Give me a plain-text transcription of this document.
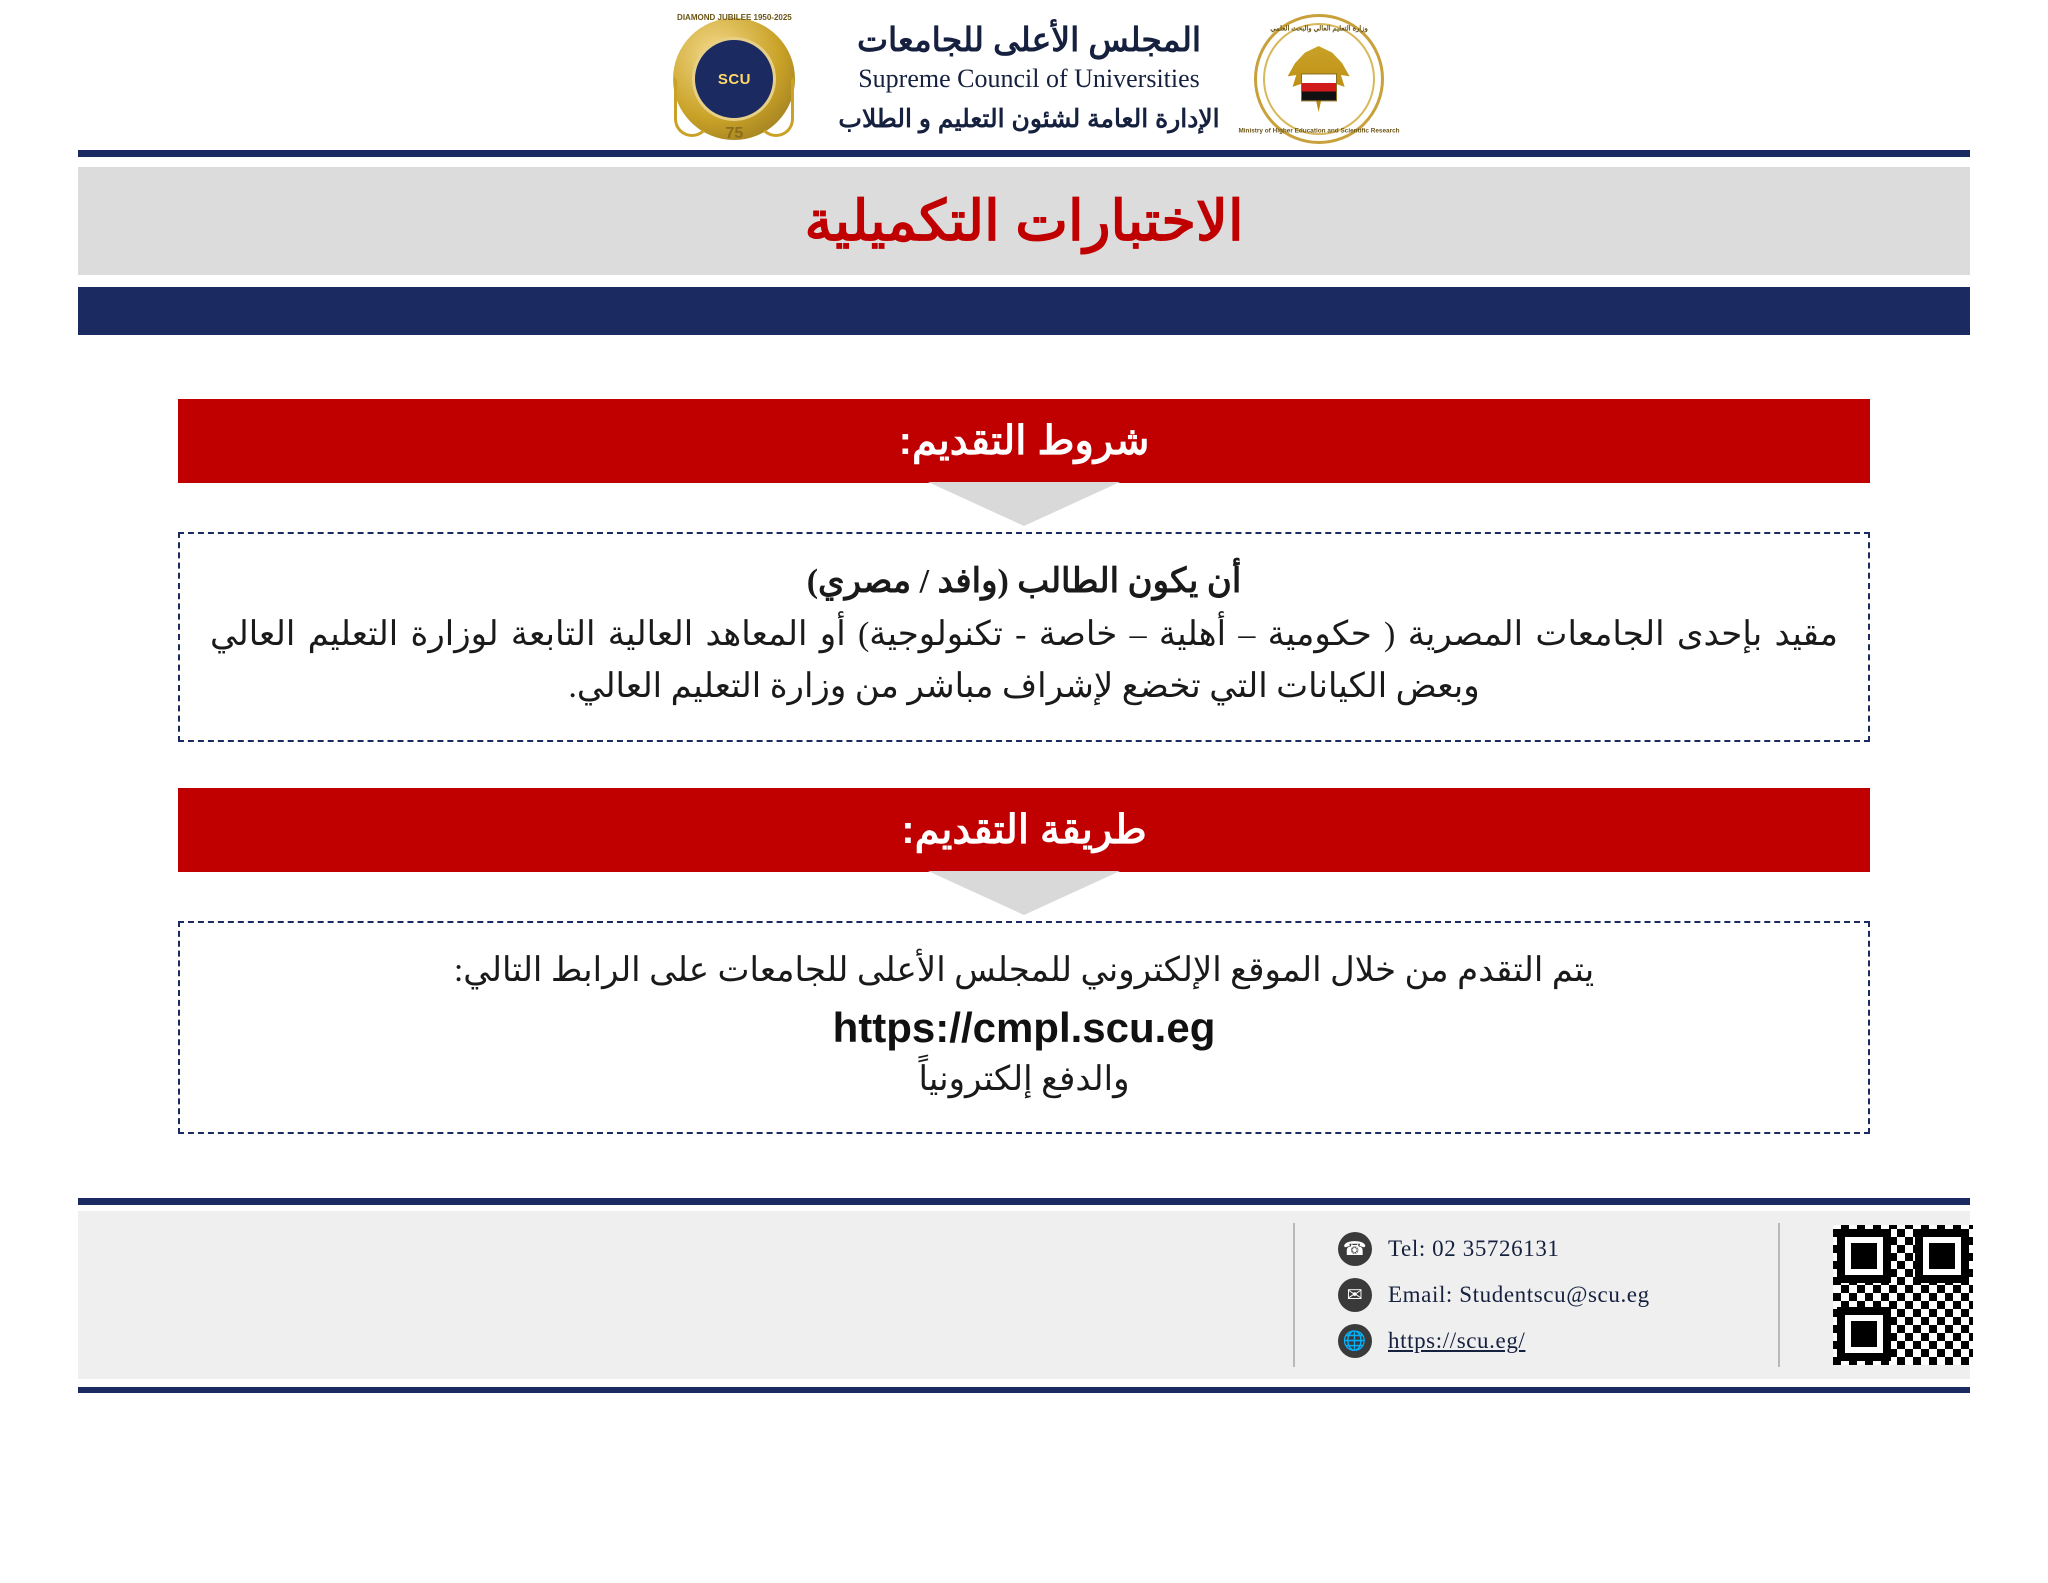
وزارة التعليم العالي والبحث العلمي
Ministry of Higher Education and Scientific Research
المجلس الأعلى للجامعات
Supreme Council of Universities
الإدارة العامة لشئون التعليم و الطلاب
DIAMOND JUBILEE 1950-2025
SCU
75
الاختبارات التكميلية
شروط التقديم:
أن يكون الطالب (وافد / مصري)
مقيد بإحدى الجامعات المصرية ( حكومية – أهلية – خاصة - تكنولوجية) أو المعاهد العالية التابعة لوزارة التعليم العالي وبعض الكيانات التي تخضع لإشراف مباشر من وزارة التعليم العالي.
طريقة التقديم:
يتم التقدم من خلال الموقع الإلكتروني للمجلس الأعلى للجامعات على الرابط التالي:
https://cmpl.scu.eg
والدفع إلكترونياً
☎ Tel: 02 35726131
✉	Email: Studentscu@scu.eg
🌐 https://scu.eg/
